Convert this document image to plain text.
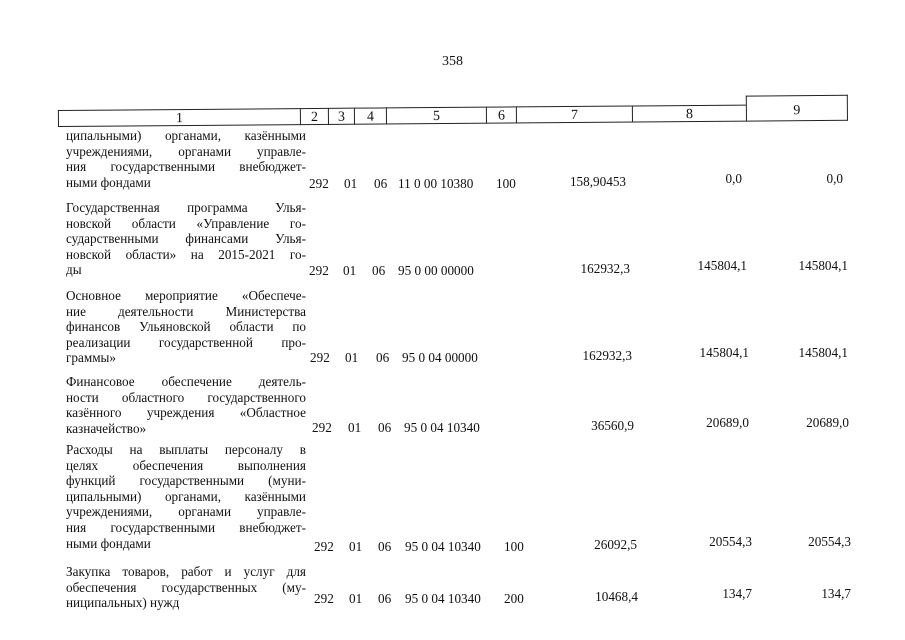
358
1	2	3	4	5	6	7	8	9
ципальными) органами, казёнными
учреждениями, органами управле-
ния государственными внебюджет-
ными фондами	292 01 06 11 0 00 10380 100	158,90453	0,0	0,0
Государственная программа Улья-
новской области «Управление го-
сударственными финансами Улья-
новской области» на 2015-2021 го-
ды	292 01 06 95 0 00 00000	162932,3	145804,1	145804,1
Основное мероприятие «Обеспече-
ние деятельности Министерства
финансов Ульяновской области по
реализации государственной про-
граммы»	292 01 06 95 0 04 00000	162932,3	145804,1	145804,1
Финансовое обеспечение деятель-
ности областного государственного
казённого учреждения «Областное
казначейство»	292 01 06 95 0 04 10340	36560,9	20689,0	20689,0
Расходы на выплаты персоналу в
целях обеспечения выполнения
функций государственными (муни-
ципальными) органами, казёнными
учреждениями, органами управле-
ния государственными внебюджет-
ными фондами	292 01 06 95 0 04 10340 100	26092,5	20554,3	20554,3
Закупка товаров, работ и услуг для
обеспечения государственных (му-
ниципальных) нужд	292 01 06 95 0 04 10340 200	10468,4	134,7	134,7
